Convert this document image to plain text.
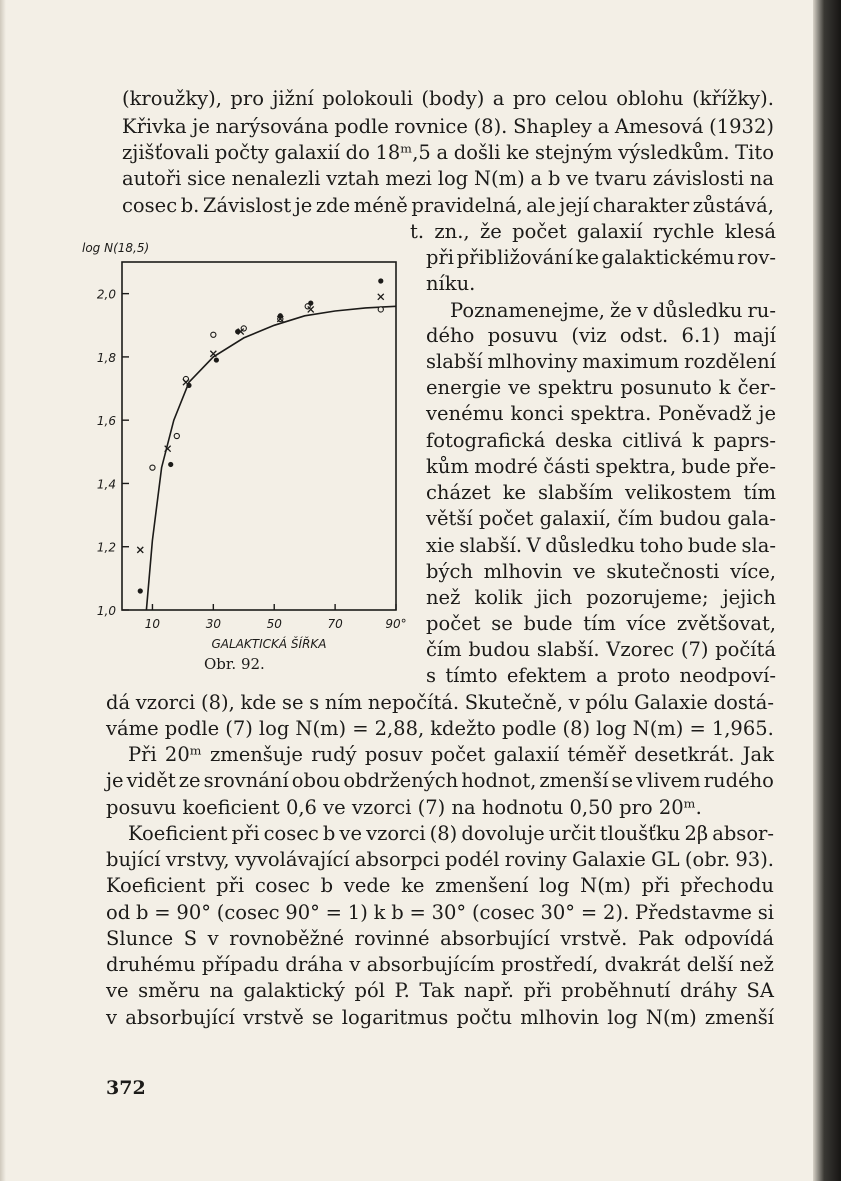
(kroužky), pro jižní polokouli (body) a pro celou oblohu (křížky).
Křivka je narýsována podle rovnice (8). Shapley a Amesová (1932)
zjišťovali počty galaxií do 18ᵐ,5 a došli ke stejným výsledkům. Tito
autoři sice nenalezli vztah mezi log N(m) a b ve tvaru závislosti na
cosec b. Závislost je zde méně pravidelná, ale její charakter zůstává,
t. zn., že počet galaxií rychle klesá
při přibližování ke galaktickému rov-
níku.
Poznamenejme, že v důsledku ru-
dého posuvu (viz odst. 6.1) mají
slabší mlhoviny maximum rozdělení
energie ve spektru posunuto k čer-
venému konci spektra. Poněvadž je
fotografická deska citlivá k paprs-
kům modré části spektra, bude pře-
cházet ke slabším velikostem tím
větší počet galaxií, čím budou gala-
xie slabší. V důsledku toho bude sla-
bých mlhovin ve skutečnosti více,
než kolik jich pozorujeme; jejich
počet se bude tím více zvětšovat,
čím budou slabší. Vzorec (7) počítá
s tímto efektem a proto neodpoví-
dá vzorci (8), kde se s ním nepočítá. Skutečně, v pólu Galaxie dostá-
váme podle (7) log N(m) = 2,88, kdežto podle (8) log N(m) = 1,965.
Při 20ᵐ zmenšuje rudý posuv počet galaxií téměř desetkrát. Jak
je vidět ze srovnání obou obdržených hodnot, zmenší se vlivem rudého
posuvu koeficient 0,6 ve vzorci (7) na hodnotu 0,50 pro 20ᵐ.
Koeficient při cosec b ve vzorci (8) dovoluje určit tloušťku 2β absor-
bující vrstvy, vyvolávající absorpci podél roviny Galaxie GL (obr. 93).
Koeficient při cosec b vede ke zmenšení log N(m) při přechodu
od b = 90° (cosec 90° = 1) k b = 30° (cosec 30° = 2). Představme si
Slunce S v rovnoběžné rovinné absorbující vrstvě. Pak odpovídá
druhému případu dráha v absorbujícím prostředí, dvakrát delší než
ve směru na galaktický pól P. Tak např. při proběhnutí dráhy SA
v absorbující vrstvě se logaritmus počtu mlhovin log N(m) zmenší
372
1,0
1,2
1,4
1,6
1,8
2,0
10	30	50	70	90°
log N(18,5)
GALAKTICKÁ ŠÍŘKA
Obr. 92.
